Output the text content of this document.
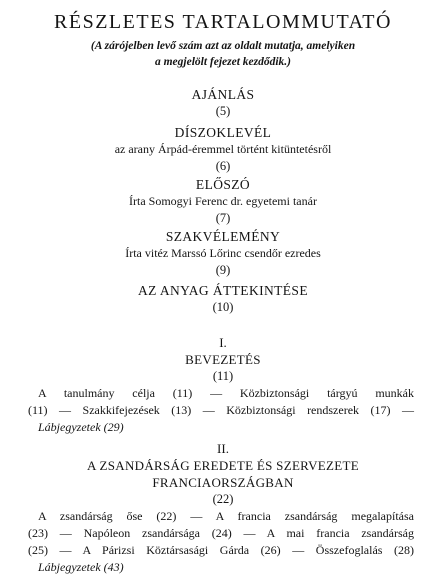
RÉSZLETES TARTALOMMUTATÓ
(A zárójelben levő szám azt az oldalt mutatja, amelyiken
a megjelölt fejezet kezdődik.)
AJÁNLÁS
(5)
DÍSZOKLEVÉL
az arany Árpád-éremmel történt kitüntetésről
(6)
ELŐSZÓ
Írta Somogyi Ferenc dr. egyetemi tanár
(7)
SZAKVÉLEMÉNY
Írta vitéz Marssó Lőrinc csendőr ezredes
(9)
AZ ANYAG ÁTTEKINTÉSE
(10)
I.
BEVEZETÉS
(11)
A tanulmány célja (11) — Közbiztonsági tárgyú munkák
(11) — Szakkifejezések (13) — Közbiztonsági rendszerek (17) —
Lábjegyzetek (29)
II.
A ZSANDÁRSÁG EREDETE ÉS SZERVEZETE
FRANCIAORSZÁGBAN
(22)
A zsandárság őse (22) — A francia zsandárság megalapítása
(23) — Napóleon zsandársága (24) — A mai francia zsandárság
(25) — A Párizsi Köztársasági Gárda (26) — Összefoglalás (28)
Lábjegyzetek (43)
